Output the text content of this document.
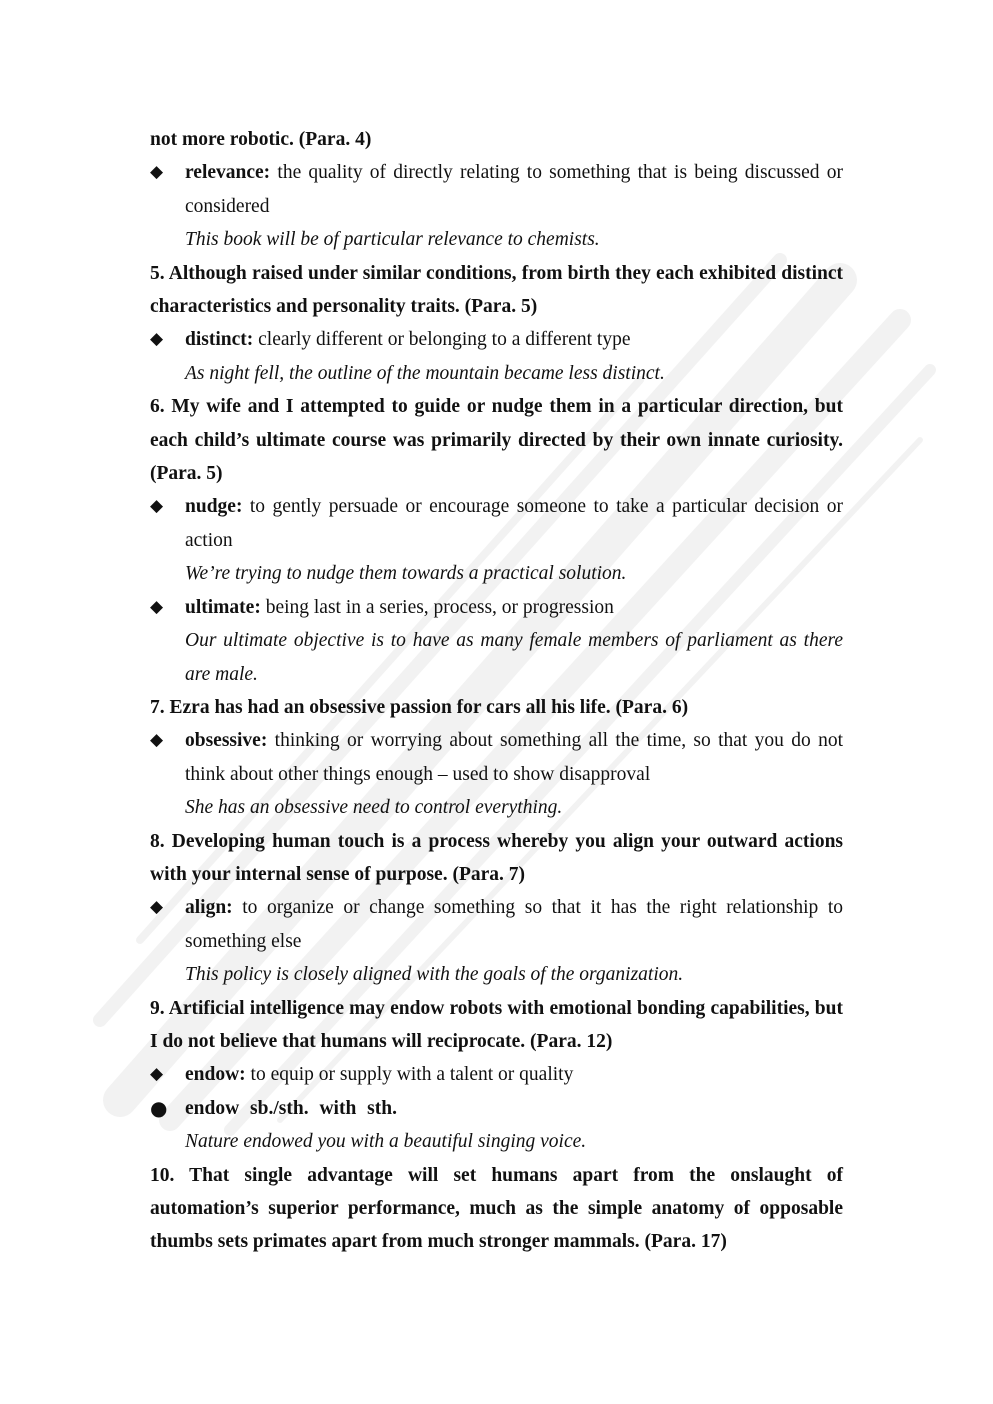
not more robotic. (Para. 4)

◆	relevance: the quality of directly relating to something that is being discussed or considered

This book will be of particular relevance to chemists.

5. Although raised under similar conditions, from birth they each exhibited distinct characteristics and personality traits. (Para. 5)

◆	distinct: clearly different or belonging to a different type

As night fell, the outline of the mountain became less distinct.

6. My wife and I attempted to guide or nudge them in a particular direction, but each child’s ultimate course was primarily directed by their own innate curiosity. (Para. 5)

◆	nudge: to gently persuade or encourage someone to take a particular decision or action

We’re trying to nudge them towards a practical solution.

◆	ultimate: being last in a series, process, or progression

Our ultimate objective is to have as many female members of parliament as there are male.

7. Ezra has had an obsessive passion for cars all his life. (Para. 6)

◆	obsessive: thinking or worrying about something all the time, so that you do not think about other things enough – used to show disapproval

She has an obsessive need to control everything.

8. Developing human touch is a process whereby you align your outward actions with your internal sense of purpose. (Para. 7)

◆	align: to organize or change something so that it has the right relationship to something else

This policy is closely aligned with the goals of the organization.

9. Artificial intelligence may endow robots with emotional bonding capabilities, but I do not believe that humans will reciprocate. (Para. 12)

◆	endow: to equip or supply with a talent or quality

● endow sb./sth. with sth.

Nature endowed you with a beautiful singing voice.

10. That single advantage will set humans apart from the onslaught of automation’s superior performance, much as the simple anatomy of opposable thumbs sets primates apart from much stronger mammals. (Para. 17)
